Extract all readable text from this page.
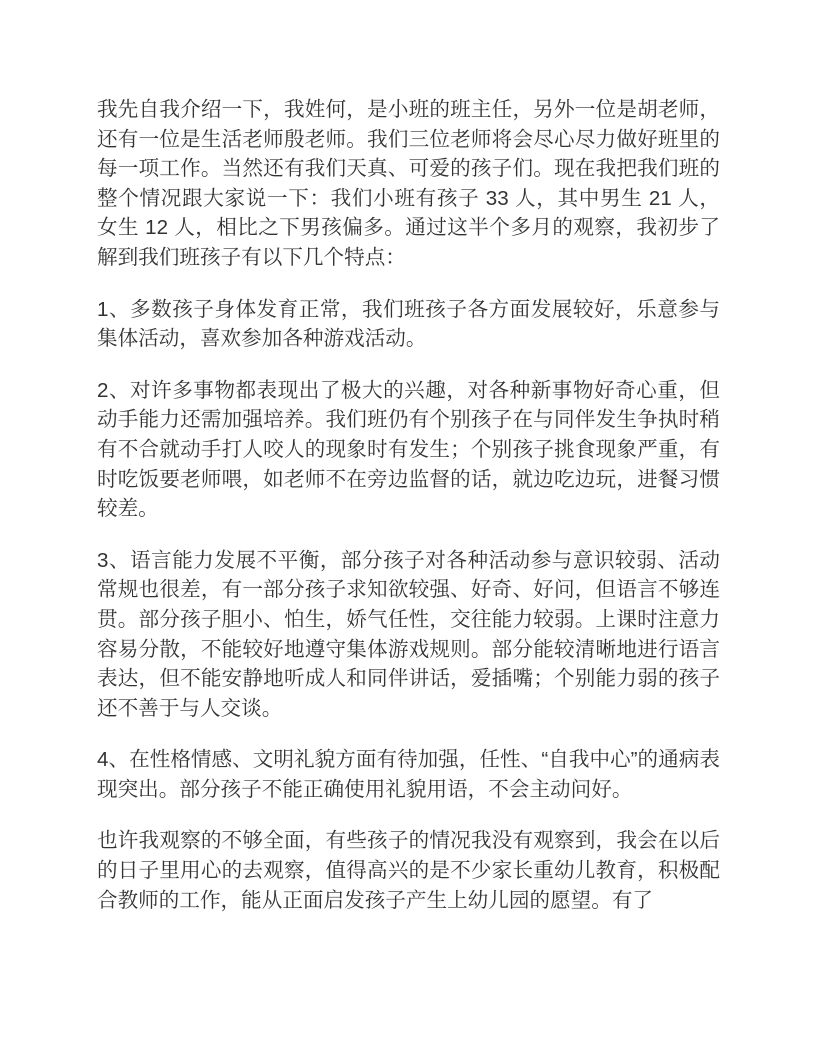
我先自我介绍一下，我姓何，是小班的班主任，另外一位是胡老师，还有一位是生活老师殷老师。我们三位老师将会尽心尽力做好班里的每一项工作。当然还有我们天真、可爱的孩子们。现在我把我们班的整个情况跟大家说一下：我们小班有孩子 33 人，其中男生 21 人，女生 12 人，相比之下男孩偏多。通过这半个多月的观察，我初步了解到我们班孩子有以下几个特点：

1、多数孩子身体发育正常，我们班孩子各方面发展较好，乐意参与集体活动，喜欢参加各种游戏活动。

2、对许多事物都表现出了极大的兴趣，对各种新事物好奇心重，但动手能力还需加强培养。我们班仍有个别孩子在与同伴发生争执时稍有不合就动手打人咬人的现象时有发生；个别孩子挑食现象严重，有时吃饭要老师喂，如老师不在旁边监督的话，就边吃边玩，进餐习惯较差。

3、语言能力发展不平衡，部分孩子对各种活动参与意识较弱、活动常规也很差，有一部分孩子求知欲较强、好奇、好问，但语言不够连贯。部分孩子胆小、怕生，娇气任性，交往能力较弱。上课时注意力容易分散，不能较好地遵守集体游戏规则。部分能较清晰地进行语言表达，但不能安静地听成人和同伴讲话，爱插嘴；个别能力弱的孩子还不善于与人交谈。

4、在性格情感、文明礼貌方面有待加强，任性、“自我中心”的通病表现突出。部分孩子不能正确使用礼貌用语，不会主动问好。

也许我观察的不够全面，有些孩子的情况我没有观察到，我会在以后的日子里用心的去观察，值得高兴的是不少家长重幼儿教育，积极配合教师的工作，能从正面启发孩子产生上幼儿园的愿望。有了
